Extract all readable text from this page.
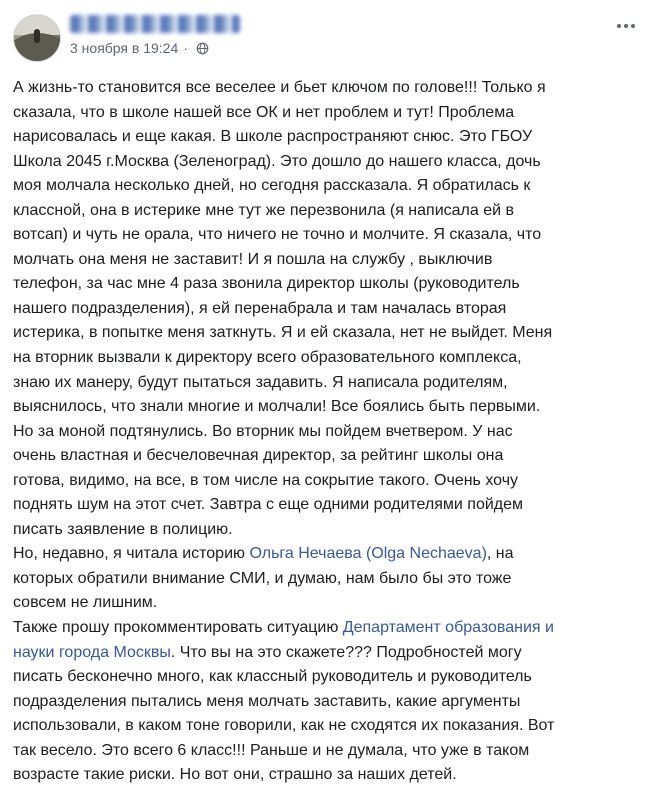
3 ноября в 19:24 ·
А жизнь-то становится все веселее и бьет ключом по голове!!! Только я
сказала, что в школе нашей все ОК и нет проблем и тут! Проблема
нарисовалась и еще какая. В школе распространяют снюс. Это ГБОУ
Школа 2045 г.Москва (Зеленоград). Это дошло до нашего класса, дочь
моя молчала несколько дней, но сегодня рассказала. Я обратилась к
классной, она в истерике мне тут же перезвонила (я написала ей в
вотсап) и чуть не орала, что ничего не точно и молчите. Я сказала, что
молчать она меня не заставит! И я пошла на службу , выключив
телефон, за час мне 4 раза звонила директор школы (руководитель
нашего подразделения), я ей перенабрала и там началась вторая
истерика, в попытке меня заткнуть. Я и ей сказала, нет не выйдет. Меня
на вторник вызвали к директору всего образовательного комплекса,
знаю их манеру, будут пытаться задавить. Я написала родителям,
выяснилось, что знали многие и молчали! Все боялись быть первыми.
Но за моной подтянулись. Во вторник мы пойдем вчетвером. У нас
очень властная и бесчеловечная директор, за рейтинг школы она
готова, видимо, на все, в том числе на сокрытие такого. Очень хочу
поднять шум на этот счет. Завтра с еще одними родителями пойдем
писать заявление в полицию.
Но, недавно, я читала историю Ольга Нечаева (Olga Nechaeva), на
которых обратили внимание СМИ, и думаю, нам было бы это тоже
совсем не лишним.
Также прошу прокомментировать ситуацию Департамент образования и
науки города Москвы. Что вы на это скажете??? Подробностей могу
писать бесконечно много, как классный руководитель и руководитель
подразделения пытались меня молчать заставить, какие аргументы
использовали, в каком тоне говорили, как не сходятся их показания. Вот
так весело. Это всего 6 класс!!! Раньше и не думала, что уже в таком
возрасте такие риски. Но вот они, страшно за наших детей.
